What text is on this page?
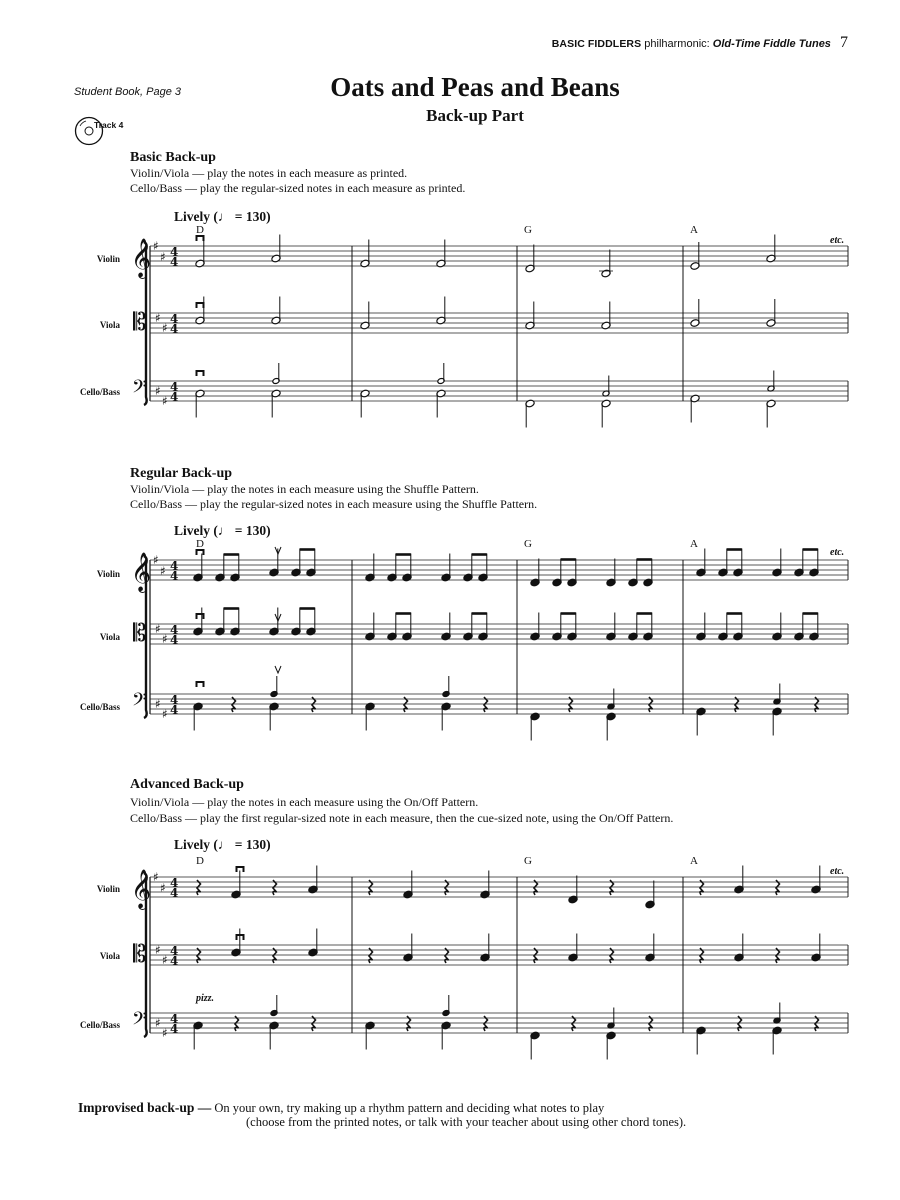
BASIC FIDDLERS philharmonic: Old-Time Fiddle Tunes 7
Student Book, Page 3	Oats and Peas and Beans
Back-up Part
Track 4
Basic Back-up
Violin/Viola — play the notes in each measure as printed.
Cello/Bass — play the regular-sized notes in each measure as printed.
Lively (♩ = 130)
D	G	A
etc.
Violin
Viola
Cello/Bass
𝄞 ♯
♯ 4
4
𝄡 ♯
♯
4
4
𝄢 ♯
♯
4
4
Regular Back-up
Violin/Viola — play the notes in each measure using the Shuffle Pattern.
Cello/Bass — play the regular-sized notes in each measure using the Shuffle Pattern.
Lively (♩ = 130)
D	G	A
etc.
Violin
Viola
Cello/Bass
𝄞 ♯
♯ 4
4
𝄡 ♯
♯
4
4
𝄢 ♯
♯
4
4
Advanced Back-up
Violin/Viola — play the notes in each measure using the On/Off Pattern.
Cello/Bass — play the first regular-sized note in each measure, then the cue-sized note, using the On/Off Pattern.
Lively (♩ = 130)
D	G	A
etc.
pizz.
Violin
Viola
Cello/Bass
𝄞 ♯
♯ 4
4
𝄡 ♯
♯
4
4
𝄢 ♯
♯
4
4
Improvised back-up — On your own, try making up a rhythm pattern and deciding what notes to play
(choose from the printed notes, or talk with your teacher about using other chord tones).
